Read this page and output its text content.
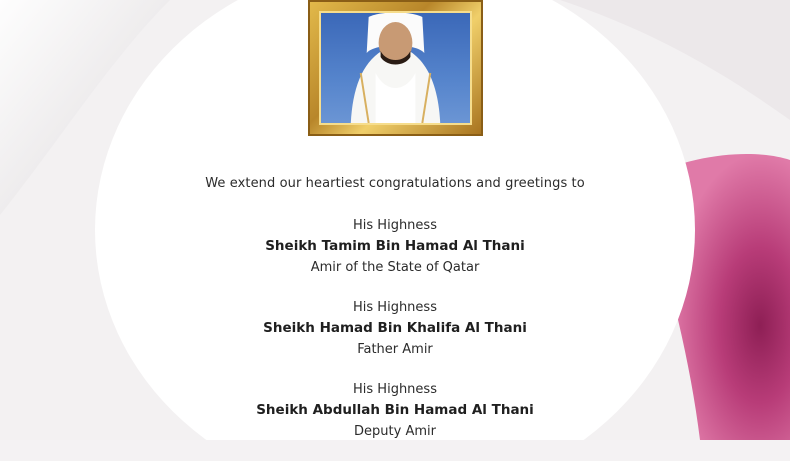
We extend our heartiest congratulations and greetings to

His Highness
Sheikh Tamim Bin Hamad Al Thani
Amir of the State of Qatar
His Highness
Sheikh Hamad Bin Khalifa Al Thani
Father Amir
His Highness
Sheikh Abdullah Bin Hamad Al Thani
Deputy Amir
